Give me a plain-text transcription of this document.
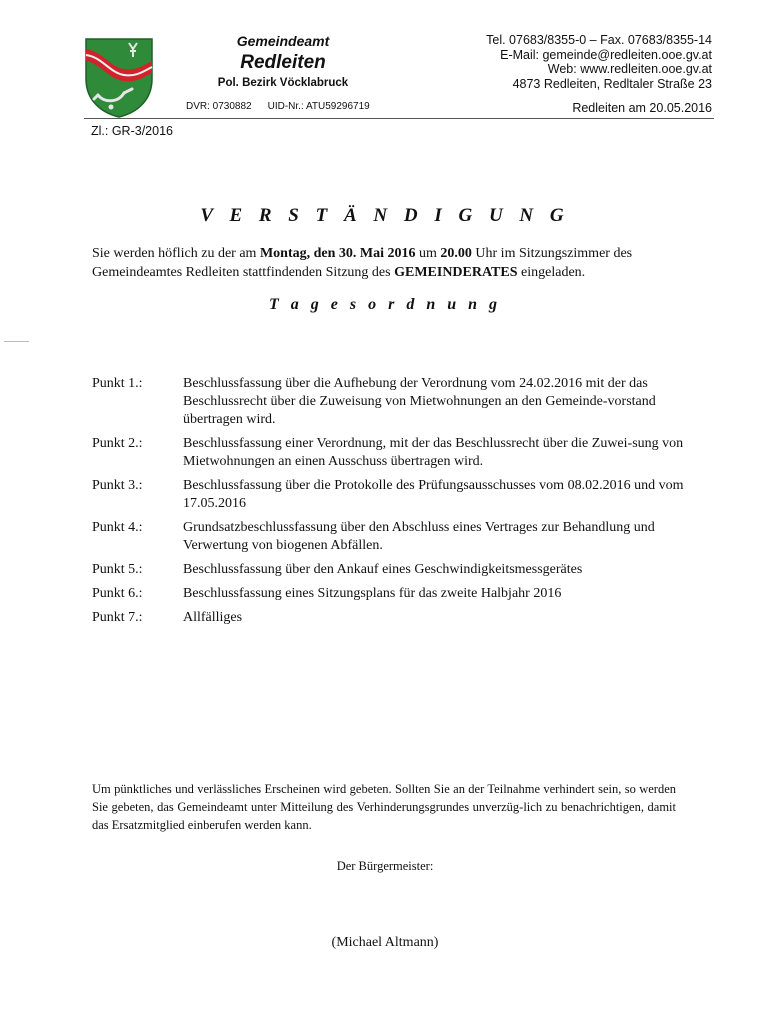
Gemeindeamt
Redleiten
Pol. Bezirk Vöcklabruck
DVR: 0730882 UID-Nr.: ATU59296719
Tel. 07683/8355-0 – Fax. 07683/8355-14
E-Mail: gemeinde@redleiten.ooe.gv.at
Web: www.redleiten.ooe.gv.at
4873 Redleiten, Redltaler Straße 23
Redleiten am 20.05.2016
Zl.: GR-3/2016
V E R S T Ä N D I G U N G
Sie werden höflich zu der am Montag, den 30. Mai 2016 um 20.00 Uhr im Sitzungszimmer des Gemeindeamtes Redleiten stattfindenden Sitzung des GEMEINDERATES eingeladen.
T a g e s o r d n u n g
Punkt 1.:	Beschlussfassung über die Aufhebung der Verordnung vom 24.02.2016 mit der das Beschlussrecht über die Zuweisung von Mietwohnungen an den Gemeinde-vorstand übertragen wird.
Punkt 2.:	Beschlussfassung einer Verordnung, mit der das Beschlussrecht über die Zuwei-sung von Mietwohnungen an einen Ausschuss übertragen wird.
Punkt 3.:	Beschlussfassung über die Protokolle des Prüfungsausschusses vom 08.02.2016 und vom 17.05.2016
Punkt 4.:	Grundsatzbeschlussfassung über den Abschluss eines Vertrages zur Behandlung und Verwertung von biogenen Abfällen.
Punkt 5.:	Beschlussfassung über den Ankauf eines Geschwindigkeitsmessgerätes
Punkt 6.:	Beschlussfassung eines Sitzungsplans für das zweite Halbjahr 2016
Punkt 7.:	Allfälliges
Um pünktliches und verlässliches Erscheinen wird gebeten. Sollten Sie an der Teilnahme verhindert sein, so werden Sie gebeten, das Gemeindeamt unter Mitteilung des Verhinderungsgrundes unverzüg-lich zu benachrichtigen, damit das Ersatzmitglied einberufen werden kann.
Der Bürgermeister:
(Michael Altmann)
